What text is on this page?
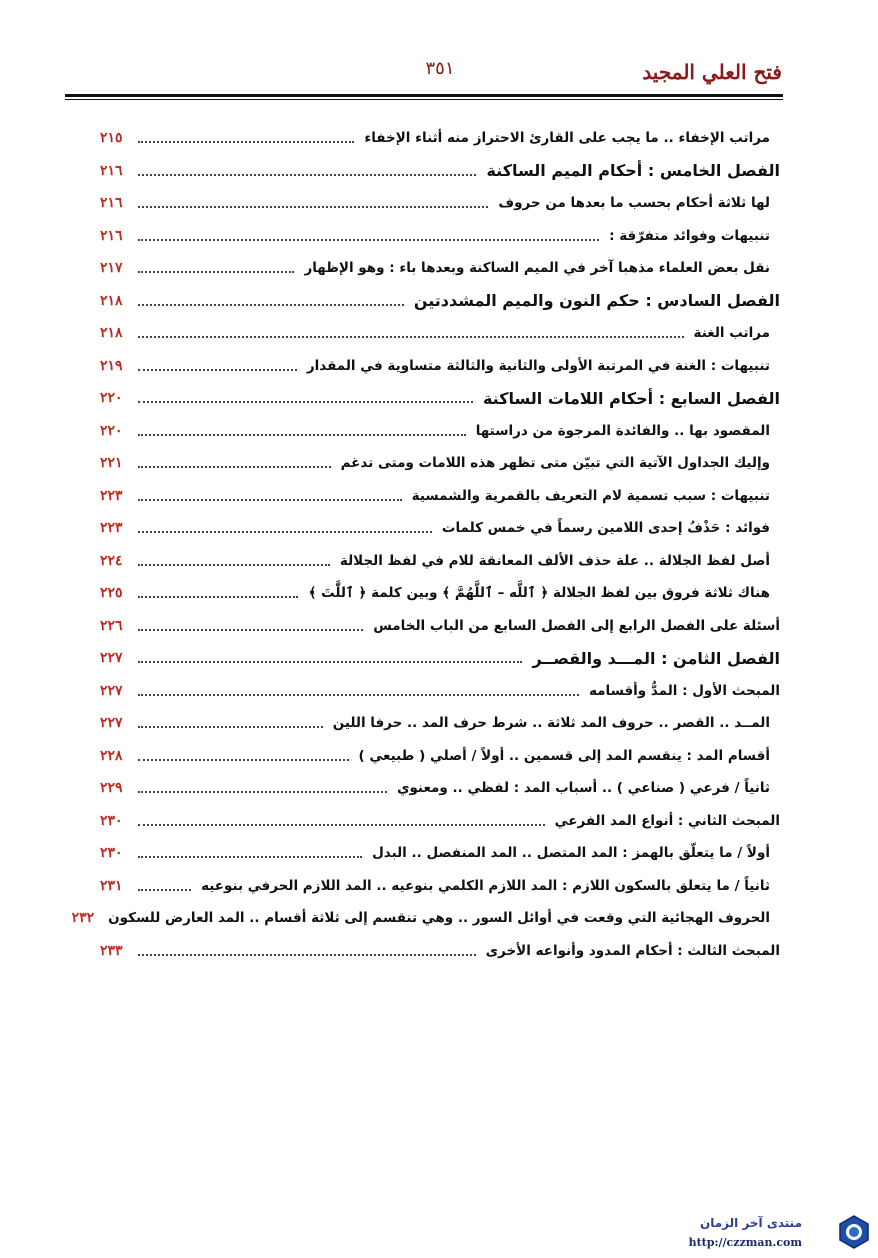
فتح العلي المجيد
٣٥١
مراتب الإخفاء .. ما يجب على القارئ الاحتراز منه أثناء الإخفاء
٢١٥
الفصل الخامس : أحكام الميم الساكنة
٢١٦
لها ثلاثة أحكام بحسب ما بعدها من حروف
٢١٦
تنبيهات وفوائد متفرّقة :
٢١٦
نقل بعض العلماء مذهبا آخر في الميم الساكنة وبعدها باء : وهو الإظهار
٢١٧
الفصل السادس : حكم النون والميم المشددتين
٢١٨
مراتب الغنة
٢١٨
تنبيهات : الغنة في المرتبة الأولى والثانية والثالثة متساوية في المقدار
٢١٩
الفصل السابع : أحكام اللامات الساكنة
٢٢٠
المقصود بها .. والفائدة المرجوة من دراستها
٢٢٠
وإليك الجداول الآتية التي تبيّن متى تظهر هذه اللامات ومتى تدغم
٢٢١
تنبيهات : سبب تسمية لام التعريف بالقمرية والشمسية
٢٢٣
فوائد : حَذْفُ إحدى اللامين رسماً في خمس كلمات
٢٢٣
أصل لفظ الجلالة .. علة حذف الألف المعانقة للام في لفظ الجلالة
٢٢٤
هناك ثلاثة فروق بين لفظ الجلالة ﴿ ٱللَّه – ٱللَّهُمَّ ﴾ وبين كلمة ﴿ ٱللَّٰتَ ﴾
٢٢٥
أسئلة على الفصل الرابع إلى الفصل السابع من الباب الخامس
٢٢٦
الفصل الثامن : المـــد والقصــر
٢٢٧
المبحث الأول : المدُّ وأقسامه
٢٢٧
المــد .. القصر .. حروف المد ثلاثة .. شرط حرف المد .. حرفا اللين
٢٢٧
أقسام المد : ينقسم المد إلى قسمين .. أولاً / أصلي ( طبيعي )
٢٢٨
ثانياً / فرعي ( صناعي ) .. أسباب المد : لفظي .. ومعنوي
٢٢٩
المبحث الثاني : أنواع المد الفرعي
٢٣٠
أولاً / ما يتعلّق بالهمز : المد المتصل .. المد المنفصل .. البدل
٢٣٠
ثانياً / ما يتعلق بالسكون اللازم : المد اللازم الكلمي بنوعيه .. المد اللازم الحرفي بنوعيه
٢٣١
الحروف الهجائية التي وقعت في أوائل السور .. وهي تنقسم إلى ثلاثة أقسام .. المد العارض للسكون
٢٣٢
المبحث الثالث : أحكام المدود وأنواعه الأخرى
٢٣٣
منتدى آخر الزمان
http://czzman.com
